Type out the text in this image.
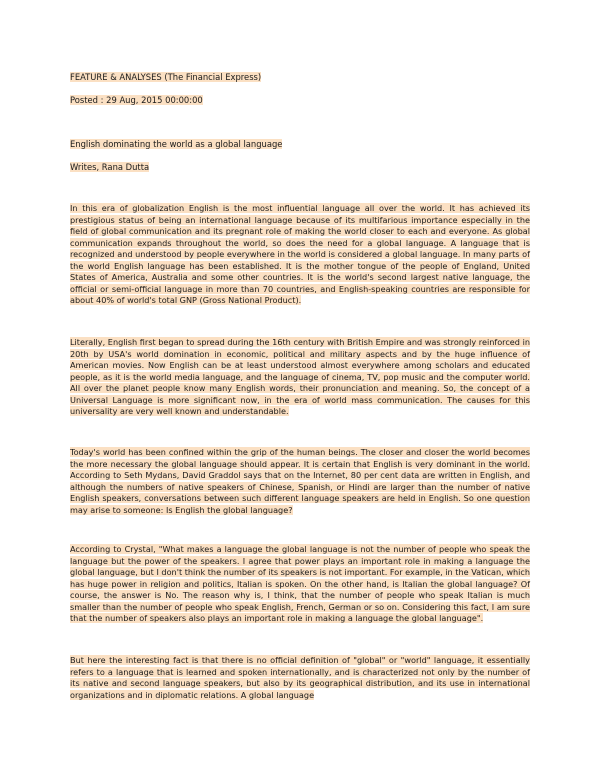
FEATURE & ANALYSES (The Financial Express)
Posted : 29 Aug, 2015 00:00:00
English dominating the world as a global language
Writes, Rana Dutta

In this era of globalization English is the most influential language all over the world. It has achieved its prestigious status of being an international language because of its multifarious importance especially in the field of global communication and its pregnant role of making the world closer to each and everyone. As global communication expands throughout the world, so does the need for a global language. A language that is recognized and understood by people everywhere in the world is considered a global language. In many parts of the world English language has been established. It is the mother tongue of the people of England, United States of America, Australia and some other countries. It is the world's second largest native language, the official or semi-official language in more than 70 countries, and English-speaking countries are responsible for about 40% of world's total GNP (Gross National Product).

Literally, English first began to spread during the 16th century with British Empire and was strongly reinforced in 20th by USA's world domination in economic, political and military aspects and by the huge influence of American movies. Now English can be at least understood almost everywhere among scholars and educated people, as it is the world media language, and the language of cinema, TV, pop music and the computer world. All over the planet people know many English words, their pronunciation and meaning. So, the concept of a Universal Language is more significant now, in the era of world mass communication. The causes for this universality are very well known and understandable.

Today's world has been confined within the grip of the human beings. The closer and closer the world becomes the more necessary the global language should appear. It is certain that English is very dominant in the world. According to Seth Mydans, David Graddol says that on the Internet, 80 per cent data are written in English, and although the numbers of native speakers of Chinese, Spanish, or Hindi are larger than the number of native English speakers, conversations between such different language speakers are held in English. So one question may arise to someone: Is English the global language?

According to Crystal, "What makes a language the global language is not the number of people who speak the language but the power of the speakers. I agree that power plays an important role in making a language the global language, but I don't think the number of its speakers is not important. For example, in the Vatican, which has huge power in religion and politics, Italian is spoken. On the other hand, is Italian the global language? Of course, the answer is No. The reason why is, I think, that the number of people who speak Italian is much smaller than the number of people who speak English, French, German or so on. Considering this fact, I am sure that the number of speakers also plays an important role in making a language the global language".

But here the interesting fact is that there is no official definition of "global" or "world" language, it essentially refers to a language that is learned and spoken internationally, and is characterized not only by the number of its native and second language speakers, but also by its geographical distribution, and its use in international organizations and in diplomatic relations. A global language
